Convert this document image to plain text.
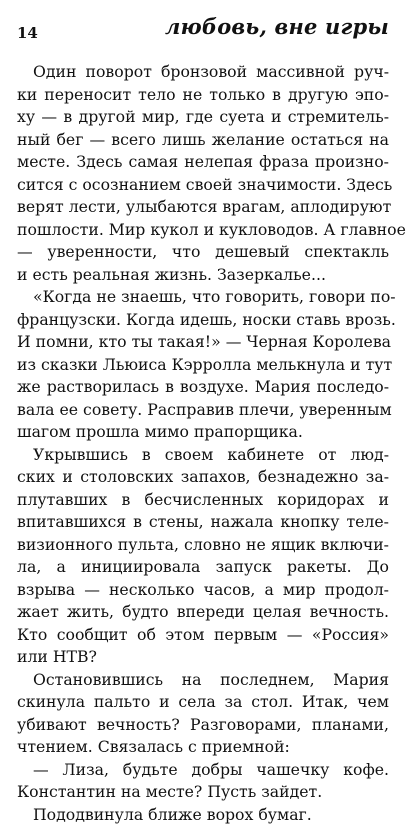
14	любовь, вне игры
Один поворот бронзовой массивной руч-
ки переносит тело не только в другую эпо-
ху — в другой мир, где суета и стремитель-
ный бег — всего лишь желание остаться на
месте. Здесь самая нелепая фраза произно-
сится с осознанием своей значимости. Здесь
верят лести, улыбаются врагам, аплодируют
пошлости. Мир кукол и кукловодов. А главное
— уверенности, что дешевый спектакль
и есть реальная жизнь. Зазеркалье...
«Когда не знаешь, что говорить, говори по-
французски. Когда идешь, носки ставь врозь.
И помни, кто ты такая!» — Черная Королева
из сказки Льюиса Кэрролла мелькнула и тут
же растворилась в воздухе. Мария последо-
вала ее совету. Расправив плечи, уверенным
шагом прошла мимо прапорщика.
Укрывшись в своем кабинете от люд-
ских и столовских запахов, безнадежно за-
плутавших в бесчисленных коридорах и
впитавшихся в стены, нажала кнопку теле-
визионного пульта, словно не ящик включи-
ла, а инициировала запуск ракеты. До
взрыва — несколько часов, а мир продол-
жает жить, будто впереди целая вечность.
Кто сообщит об этом первым — «Россия»
или НТВ?
Остановившись на последнем, Мария
скинула пальто и села за стол. Итак, чем
убивают вечность? Разговорами, планами,
чтением. Связалась с приемной:
— Лиза, будьте добры чашечку кофе.
Константин на месте? Пусть зайдет.
Пододвинула ближе ворох бумаг.
